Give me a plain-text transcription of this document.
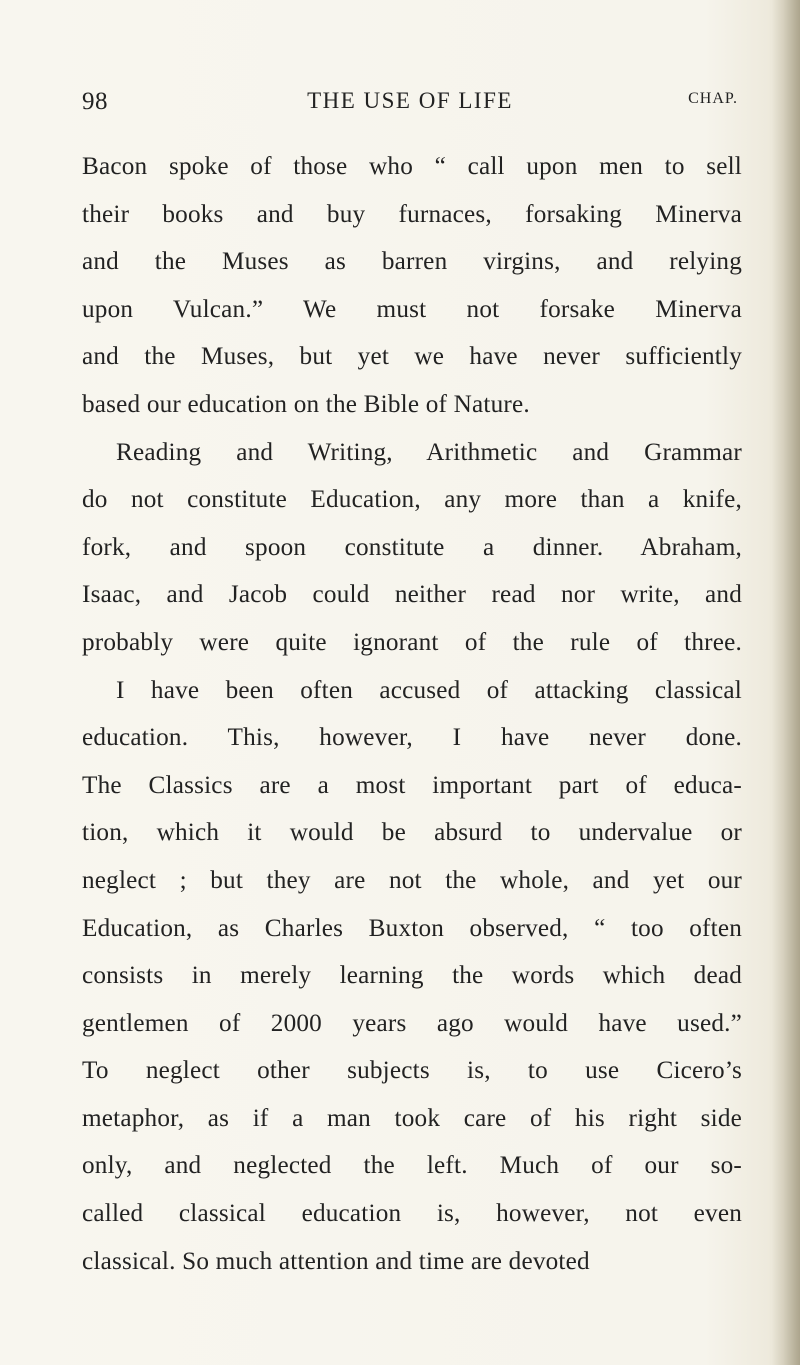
98	THE USE OF LIFE	CHAP.
Bacon spoke of those who “ call upon men to sell
their books and buy furnaces, forsaking Minerva
and the Muses as barren virgins, and relying
upon Vulcan.” We must not forsake Minerva
and the Muses, but yet we have never sufficiently
based our education on the Bible of Nature.
Reading and Writing, Arithmetic and Grammar
do not constitute Education, any more than a knife,
fork, and spoon constitute a dinner. Abraham,
Isaac, and Jacob could neither read nor write, and
probably were quite ignorant of the rule of three.
I have been often accused of attacking classical
education. This, however, I have never done.
The Classics are a most important part of educa-
tion, which it would be absurd to undervalue or
neglect ; but they are not the whole, and yet our
Education, as Charles Buxton observed, “ too often
consists in merely learning the words which dead
gentlemen of 2000 years ago would have used.”
To neglect other subjects is, to use Cicero’s
metaphor, as if a man took care of his right side
only, and neglected the left. Much of our so-
called classical education is, however, not even
classical. So much attention and time are devoted
